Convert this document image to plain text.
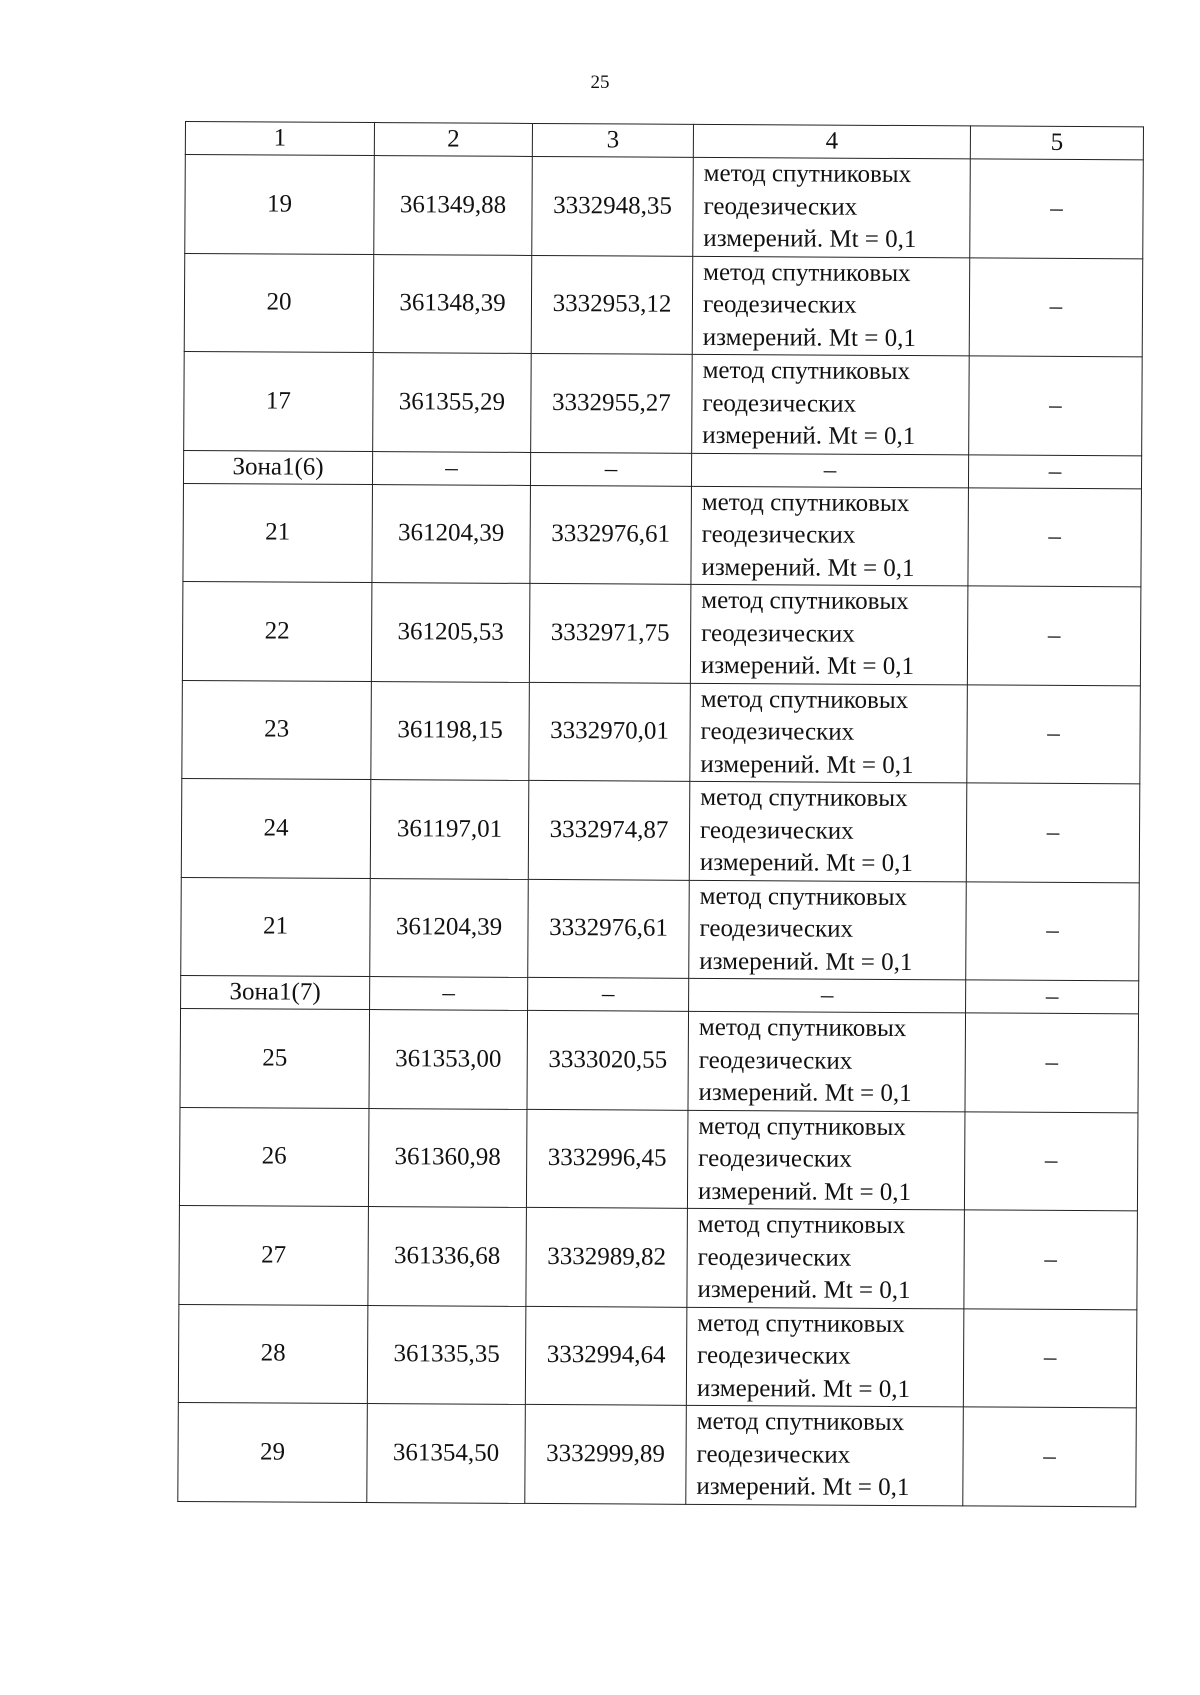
25
1	2	3	4	5
19	361349,88	3332948,35	метод спутниковых
геодезических
измерений. Mt = 0,1	–
20	361348,39	3332953,12	метод спутниковых
геодезических
измерений. Mt = 0,1	–
17	361355,29	3332955,27	метод спутниковых
геодезических
измерений. Mt = 0,1	–
Зона1(6)	–	–	–	–
21	361204,39	3332976,61	метод спутниковых
геодезических
измерений. Mt = 0,1	–
22	361205,53	3332971,75	метод спутниковых
геодезических
измерений. Mt = 0,1	–
23	361198,15	3332970,01	метод спутниковых
геодезических
измерений. Mt = 0,1	–
24	361197,01	3332974,87	метод спутниковых
геодезических
измерений. Mt = 0,1	–
21	361204,39	3332976,61	метод спутниковых
геодезических
измерений. Mt = 0,1	–
Зона1(7)	–	–	–	–
25	361353,00	3333020,55	метод спутниковых
геодезических
измерений. Mt = 0,1	–
26	361360,98	3332996,45	метод спутниковых
геодезических
измерений. Mt = 0,1	–
27	361336,68	3332989,82	метод спутниковых
геодезических
измерений. Mt = 0,1	–
28	361335,35	3332994,64	метод спутниковых
геодезических
измерений. Mt = 0,1	–
29	361354,50	3332999,89	метод спутниковых
геодезических
измерений. Mt = 0,1	–
